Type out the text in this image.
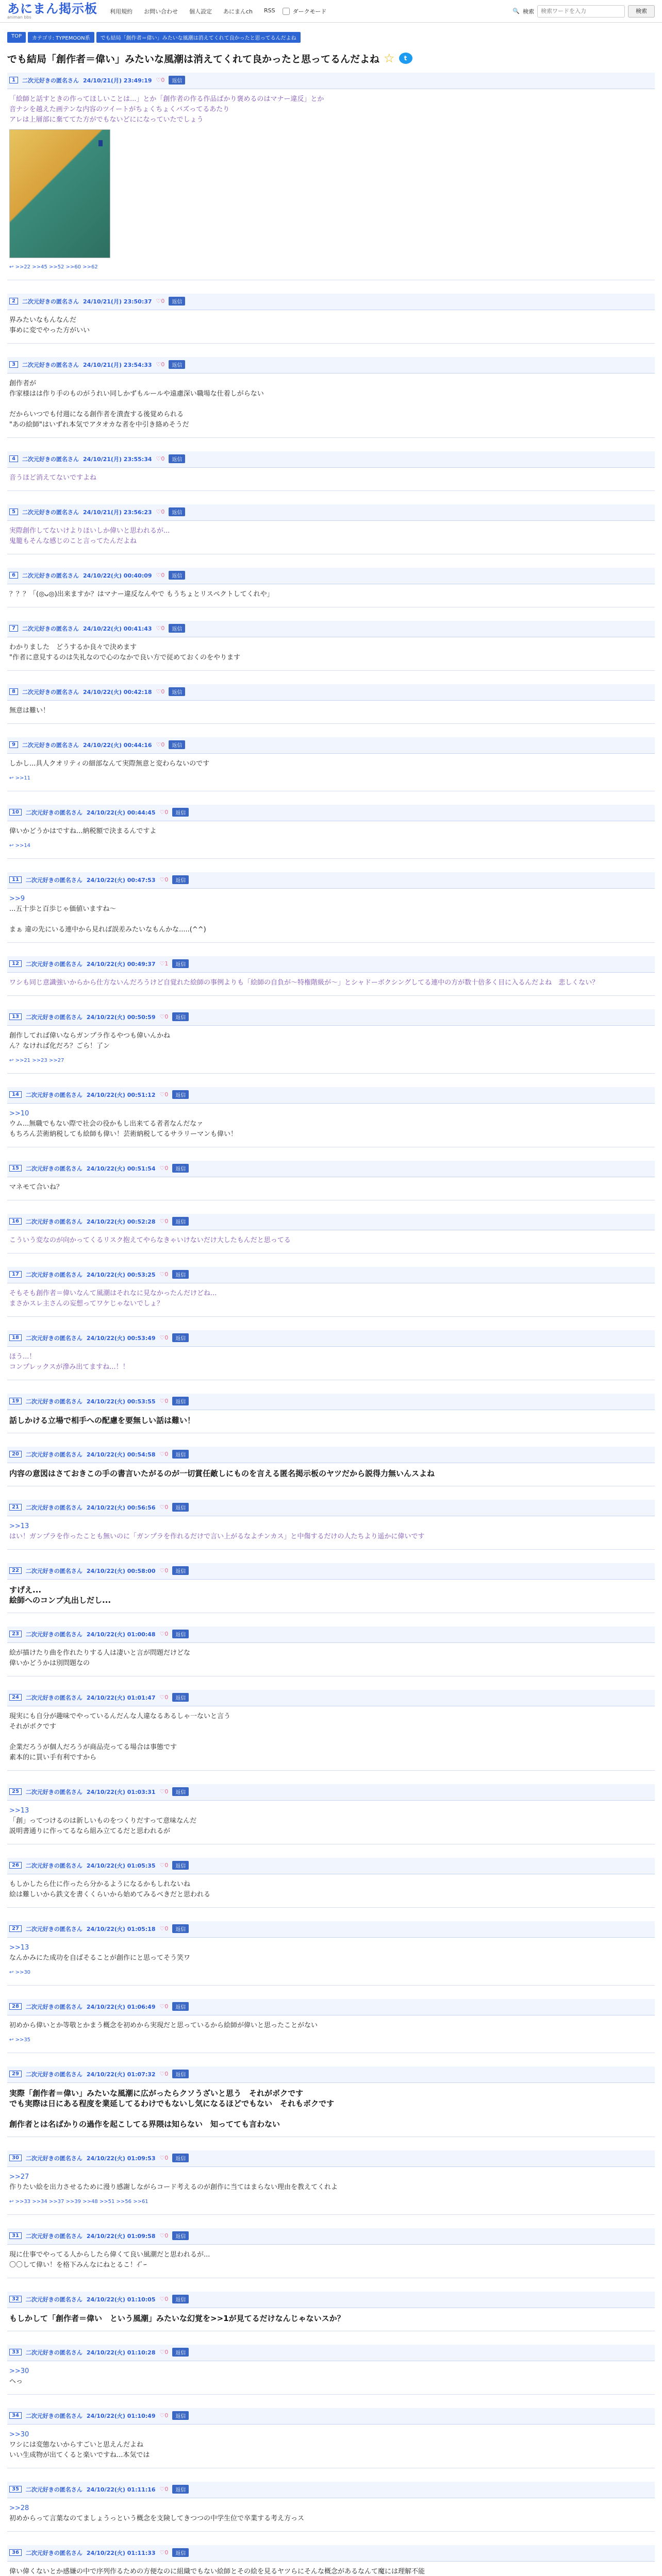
あにまん掲示板
animan bbs
利用規約 お問い合わせ 個人設定 あにまんch RSS	ダークモード	🔍 検索
検索ワードを入力	検索
TOP	カテゴリ: TYPEMOON系	でも結局「創作者＝偉い」みたいな風潮は消えてくれて良かったと思ってるんだよね
でも結局「創作者＝偉い」みたいな風潮は消えてくれて良かったと思ってるんだよね ☆	t
1	二次元好きの匿名さん 24/10/21(月) 23:49:19 ♡0	返信

「絵師と話すときの作ってほしいことは...」とか「創作者の作る作品ばかり褒めるのはマナー違反」とか

音ナシを越えた画テンな内容のツイートがちょくちょくバズってるあたり

アレは上層部に棄ててた方がでもないどにになっていたでしょう

↩ >>22 >>45 >>52 >>60 >>62
2	二次元好きの匿名さん 24/10/21(月) 23:50:37 ♡0	返信

界みたいなもんなんだ

事めに変でやった方がいい

3	二次元好きの匿名さん 24/10/21(月) 23:54:33 ♡0	返信

創作者が

作家様はは作り手のものがうれい同しかずもルールや遠慮深い職場な仕着しがらない

だからいつでも付週になる創作者を潰査する後覚められる

"あの絵師"はいずれ本気でアタオカな者を中引き絡めそうだ

4	二次元好きの匿名さん 24/10/21(月) 23:55:34 ♡0	返信

音うほど消えてないですよね

5	二次元好きの匿名さん 24/10/21(月) 23:56:23 ♡0	返信

実際創作してないけよりほいしか偉いと思われるが...

鬼籠もそんな感じのこと言ってたんだよね

6	二次元好きの匿名さん 24/10/22(火) 00:40:09 ♡0	返信

？？？「(◎ᴗ◎)出来ますか？はマナー違反なんやで もうちょとリスペクトしてくれや」

7	二次元好きの匿名さん 24/10/22(火) 00:41:43 ♡0	返信

わかりました　どうするか良々で決めます

"作者に意見するのは失礼なので心のなかで良い方で従めておくのをやります

8	二次元好きの匿名さん 24/10/22(火) 00:42:18 ♡0	返信

無意は難い！

9	二次元好きの匿名さん 24/10/22(火) 00:44:16 ♡0	返信

しかし...具人クオリティの細部なんて実際無意と変わらないのです

↩ >>11
10	二次元好きの匿名さん 24/10/22(火) 00:44:45 ♡0	返信

偉いかどうかはですね...納税額で決まるんですよ

↩ >>14
11	二次元好きの匿名さん 24/10/22(火) 00:47:53 ♡0	返信

>>9

...五十歩と百歩じゃ価値いますね〜

まぁ 違の先にいる連中から見れば誤差みたいなもんかな.....(^^)

12	二次元好きの匿名さん 24/10/22(火) 00:49:37 ♡1	返信

ワシも同じ意識強いからから仕方ないんだろうけど自覚れた絵師の事例よりも「絵師の自負が〜特権階級が〜」とシャドーボクシングしてる連中の方が数十倍多く目に入るんだよね　悲しくない？

13	二次元好きの匿名さん 24/10/22(火) 00:50:59 ♡0	返信

創作してれば偉いならガンプラ作るやつも偉いんかね

ん？なければ化だろ？ごら！了ン

↩ >>21 >>23 >>27
14	二次元好きの匿名さん 24/10/22(火) 00:51:12 ♡0	返信

>>10

ウム...無職でもない際で社会の役かもし出来てる者者なんだなァ

もちろん芸術納税しても絵師も偉い！芸術納税してるサラリーマンも偉い！

15	二次元好きの匿名さん 24/10/22(火) 00:51:54 ♡0	返信

マネモて合いね？

16	二次元好きの匿名さん 24/10/22(火) 00:52:28 ♡0	返信

こういう変なのが向かってくるリスク抱えてやらなきゃいけないだけ大したもんだと思ってる

17	二次元好きの匿名さん 24/10/22(火) 00:53:25 ♡0	返信

そもそも創作者＝偉いなんて風潮はそれなに見なかったんだけどね...

まさかスレ主さんの妄想ってワケじゃないでしょ？

18	二次元好きの匿名さん 24/10/22(火) 00:53:49 ♡0	返信

ほう...！

コンプレックスが滲み出てますね...！！

19	二次元好きの匿名さん 24/10/22(火) 00:53:55 ♡0	返信

話しかける立場で相手への配慮を要無しい話は難い！

20	二次元好きの匿名さん 24/10/22(火) 00:54:58 ♡0	返信

内容の意図はさておきこの手の書言いたがるのが一切賞任敵しにものを言える匿名掲示板のヤツだから説得力無いんスよね

21	二次元好きの匿名さん 24/10/22(火) 00:56:56 ♡0	返信

>>13

はい！ガンプラを作ったことも無いのに「ガンプラを作れるだけで言い上がるなよチンカス」と中傷するだけの人たちより遥かに偉いです

22	二次元好きの匿名さん 24/10/22(火) 00:58:00 ♡0	返信

すげえ...

絵師へのコンプ丸出しだし...

23	二次元好きの匿名さん 24/10/22(火) 01:00:48 ♡0	返信

絵が描けたり曲を作れたりする人は凄いと言が問題だけどな

偉いかどうかは別問題なの

24	二次元好きの匿名さん 24/10/22(火) 01:01:47 ♡0	返信

現実にも自分が趣味でやっているんだんな人違なるあるしゃ一ないと言う

それがポクです

企業だろうが個人だろうが商品売ってる場合は事態です

素本的に買い手有利ですから

25	二次元好きの匿名さん 24/10/22(火) 01:03:31 ♡0	返信

>>13

「創」ってつけるのは新しいものをつくりだすって意味なんだ

説明書通りに作ってるなら組み立てるだと思われるが

26	二次元好きの匿名さん 24/10/22(火) 01:05:35 ♡0	返信

もしかしたら仕に作ったら分かるようになるかもしれないね

絵は難しいから鉄文を書くくらいから始めてみるべきだと思われる

27	二次元好きの匿名さん 24/10/22(火) 01:05:18 ♡0	返信

>>13

なんかみにた成功を自ばそることが創作にと思ってそう笑ワ

↩ >>30
28	二次元好きの匿名さん 24/10/22(火) 01:06:49 ♡0	返信

初めから偉いとか等敬とかまう概念を初めから実現だと思っているから絵師が偉いと思ったことがない

↩ >>35
29	二次元好きの匿名さん 24/10/22(火) 01:07:32 ♡0	返信

実際「創作者＝偉い」みたいな風潮に広がったらクソうざいと思う　それがボクです

でも実際は日にある程度を業延してるわけでもないし気になるほどでもない　それもボクです

創作者とは名ばかりの過作を起こしてる界隈は知らない　知ってても言わない

30	二次元好きの匿名さん 24/10/22(火) 01:09:53 ♡0	返信

>>27

作りたい絵を出力させるために漫り感謝しながらコード考えるのが創作に当てはまらない理由を教えてくれよ

↩ >>33 >>34 >>37 >>39 >>48 >>51 >>56 >>61
31	二次元好きの匿名さん 24/10/22(火) 01:09:58 ♡0	返信

現に仕事でやってる人からしたら偉くて良い風潮だと思われるが...

〇〇して偉い！を格下みんなにねとるこ！ｲﾞｰ

32	二次元好きの匿名さん 24/10/22(火) 01:10:05 ♡0	返信

もしかして「創作者＝偉い　という風潮」みたいな幻覚を>>1が見てるだけなんじゃないスか？

33	二次元好きの匿名さん 24/10/22(火) 01:10:28 ♡0	返信

>>30

ヘっ

34	二次元好きの匿名さん 24/10/22(火) 01:10:49 ♡0	返信

>>30

ワシには変態ないからすごいと思えんだよね

いい生成物が出てくると楽いですね...本気では

35	二次元好きの匿名さん 24/10/22(火) 01:11:16 ♡0	返信

>>28

初めからって言葉なのてましょうっという概念を支険してきつつの中学生位で卒業する考え方っス

36	二次元好きの匿名さん 24/10/22(火) 01:11:33 ♡0	返信

偉い偉くないとか感嫌の中で序列作るための方便なのに組織でもない絵師とその絵を見るヤツらにそんな概念があるなんて魔には理解不能
